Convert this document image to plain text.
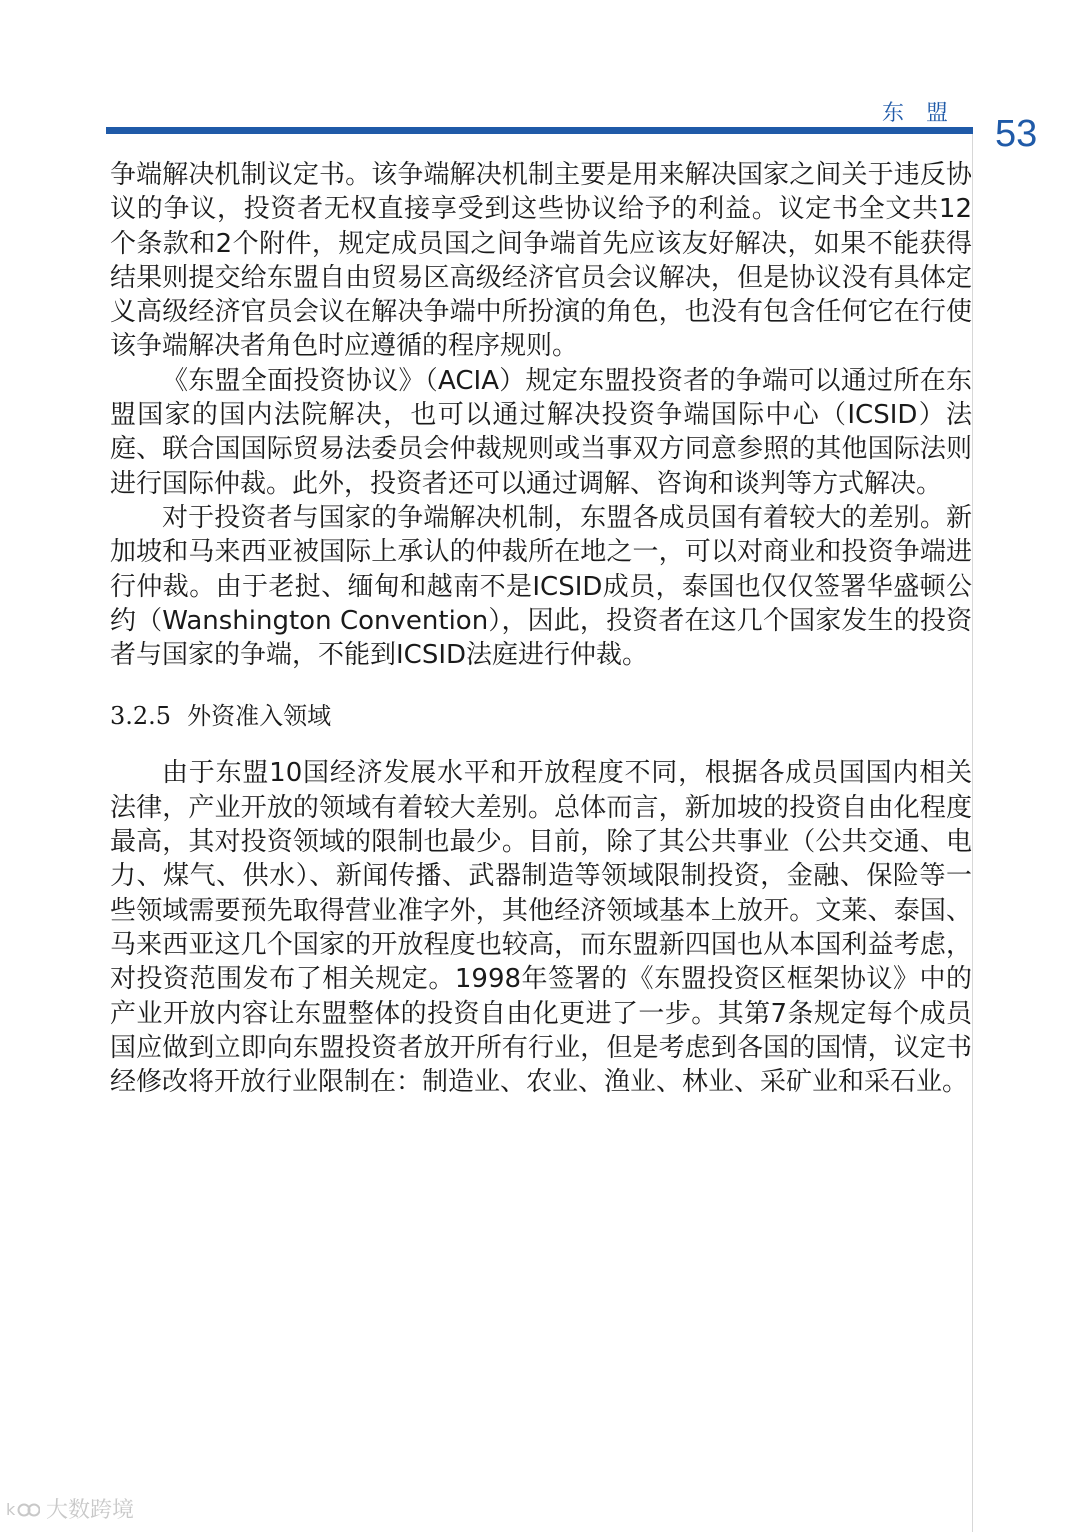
东盟 53

争端解决机制议定书。该争端解决机制主要是用来解决国家之间关于违反协议的争议，投资者无权直接享受到这些协议给予的利益。议定书全文共12个条款和2个附件，规定成员国之间争端首先应该友好解决，如果不能获得结果则提交给东盟自由贸易区高级经济官员会议解决，但是协议没有具体定义高级经济官员会议在解决争端中所扮演的角色，也没有包含任何它在行使该争端解决者角色时应遵循的程序规则。

《东盟全面投资协议》（ACIA）规定东盟投资者的争端可以通过所在东盟国家的国内法院解决，也可以通过解决投资争端国际中心（ICSID）法庭、联合国国际贸易法委员会仲裁规则或当事双方同意参照的其他国际法则进行国际仲裁。此外，投资者还可以通过调解、咨询和谈判等方式解决。

对于投资者与国家的争端解决机制，东盟各成员国有着较大的差别。新加坡和马来西亚被国际上承认的仲裁所在地之一，可以对商业和投资争端进行仲裁。由于老挝、缅甸和越南不是ICSID成员，泰国也仅仅签署华盛顿公约（Wanshington Convention），因此，投资者在这几个国家发生的投资者与国家的争端，不能到ICSID法庭进行仲裁。

3.2.5 外资准入领域

由于东盟10国经济发展水平和开放程度不同，根据各成员国国内相关法律，产业开放的领域有着较大差别。总体而言，新加坡的投资自由化程度最高，其对投资领域的限制也最少。目前，除了其公共事业（公共交通、电力、煤气、供水）、新闻传播、武器制造等领域限制投资，金融、保险等一些领域需要预先取得营业准字外，其他经济领域基本上放开。文莱、泰国、马来西亚这几个国家的开放程度也较高，而东盟新四国也从本国利益考虑，对投资范围发布了相关规定。1998年签署的《东盟投资区框架协议》中的产业开放内容让东盟整体的投资自由化更进了一步。其第7条规定每个成员国应做到立即向东盟投资者放开所有行业，但是考虑到各国的国情，议定书经修改将开放行业限制在：制造业、农业、渔业、林业、采矿业和采石业。

k 大数跨境
